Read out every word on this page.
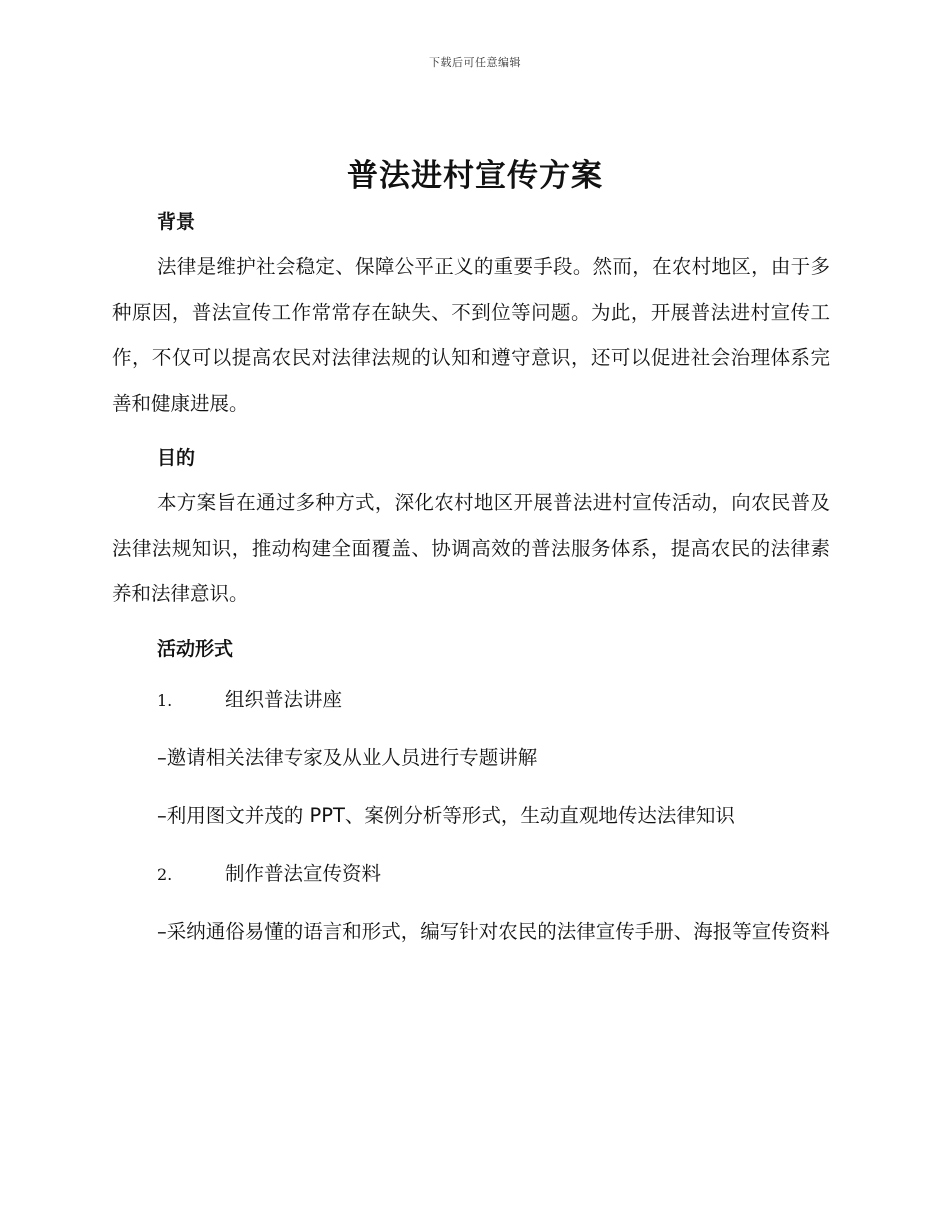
下载后可任意编辑
普法进村宣传方案
背景

法律是维护社会稳定、保障公平正义的重要手段。然而，在农村地区，由于多种原因，普法宣传工作常常存在缺失、不到位等问题。为此，开展普法进村宣传工作，不仅可以提高农民对法律法规的认知和遵守意识，还可以促进社会治理体系完善和健康进展。

目的

本方案旨在通过多种方式，深化农村地区开展普法进村宣传活动，向农民普及法律法规知识，推动构建全面覆盖、协调高效的普法服务体系，提高农民的法律素养和法律意识。

活动形式
1.	组织普法讲座
–邀请相关法律专家及从业人员进行专题讲解
–利用图文并茂的 PPT、案例分析等形式，生动直观地传达法律知识
2.	制作普法宣传资料

–采纳通俗易懂的语言和形式，编写针对农民的法律宣传手册、海报等宣传资料
